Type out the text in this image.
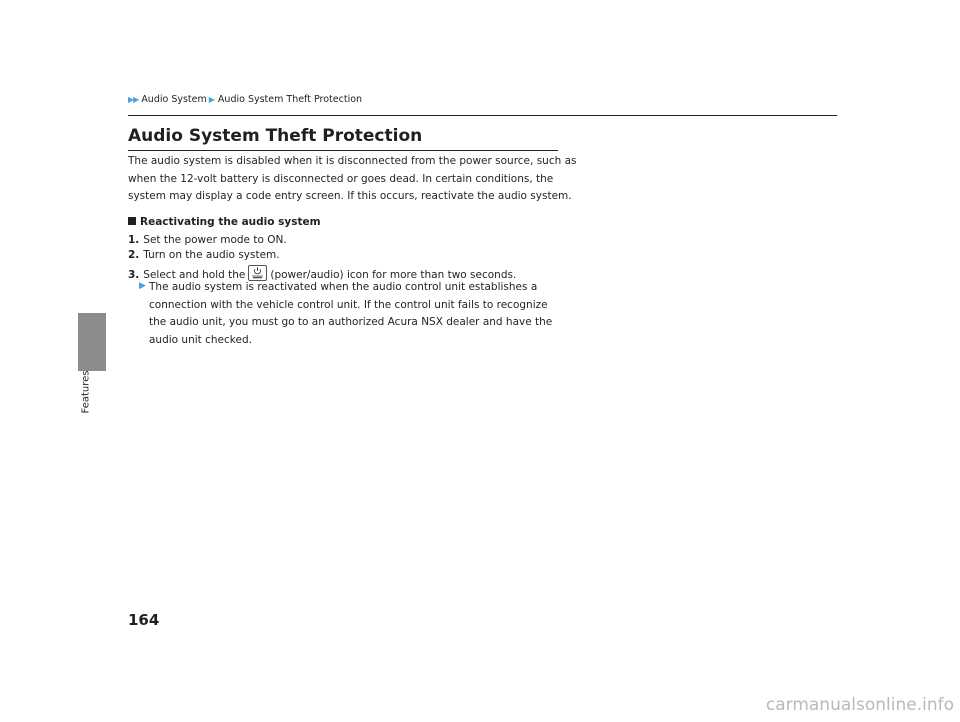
Features
▶▶ Audio System ▶ Audio System Theft Protection
Audio System Theft Protection
The audio system is disabled when it is disconnected from the power source, such as
when the 12-volt battery is disconnected or goes dead. In certain conditions, the
system may display a code entry screen. If this occurs, reactivate the audio system.
Reactivating the audio system
1. Set the power mode to ON.
2. Turn on the audio system.
3. Select and hold the (power/audio) icon for more than two seconds.
▶ The audio system is reactivated when the audio control unit establishes a
connection with the vehicle control unit. If the control unit fails to recognize
the audio unit, you must go to an authorized Acura NSX dealer and have the
audio unit checked.
164
carmanualsonline.info
